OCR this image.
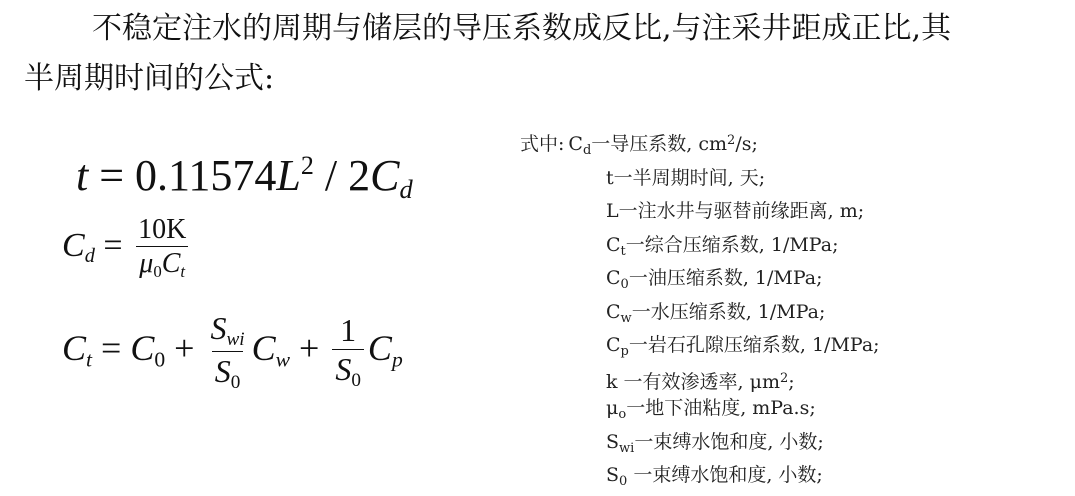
不稳定注水的周期与储层的导压系数成反比,与注采井距成正比,其
半周期时间的公式:
$t = 0.11574L^2 / 2C_d$
$C_d = \frac{10K}{\mu_0C_t}$
$C_t = C_0 + \frac{S_{wi}}{S_0} C_w + \frac{1}{S_0} C_p$
式中: $C_d$一导压系数, $cm^2/s$;
t一半周期时间, 天;
L一注水井与驱替前缘距离, m;
$C_t$一综合压缩系数, 1/MPa;
$C_0$一油压缩系数, 1/MPa;
$C_w$一水压缩系数, 1/MPa;
$C_p$一岩石孔隙压缩系数, 1/MPa;
k 一有效渗透率, $\mu m^2$;
$\mu_o$一地下油粘度, mPa.s;
$S_{wi}$一束缚水饱和度, 小数;
$S_0$ 一束缚水饱和度, 小数;
